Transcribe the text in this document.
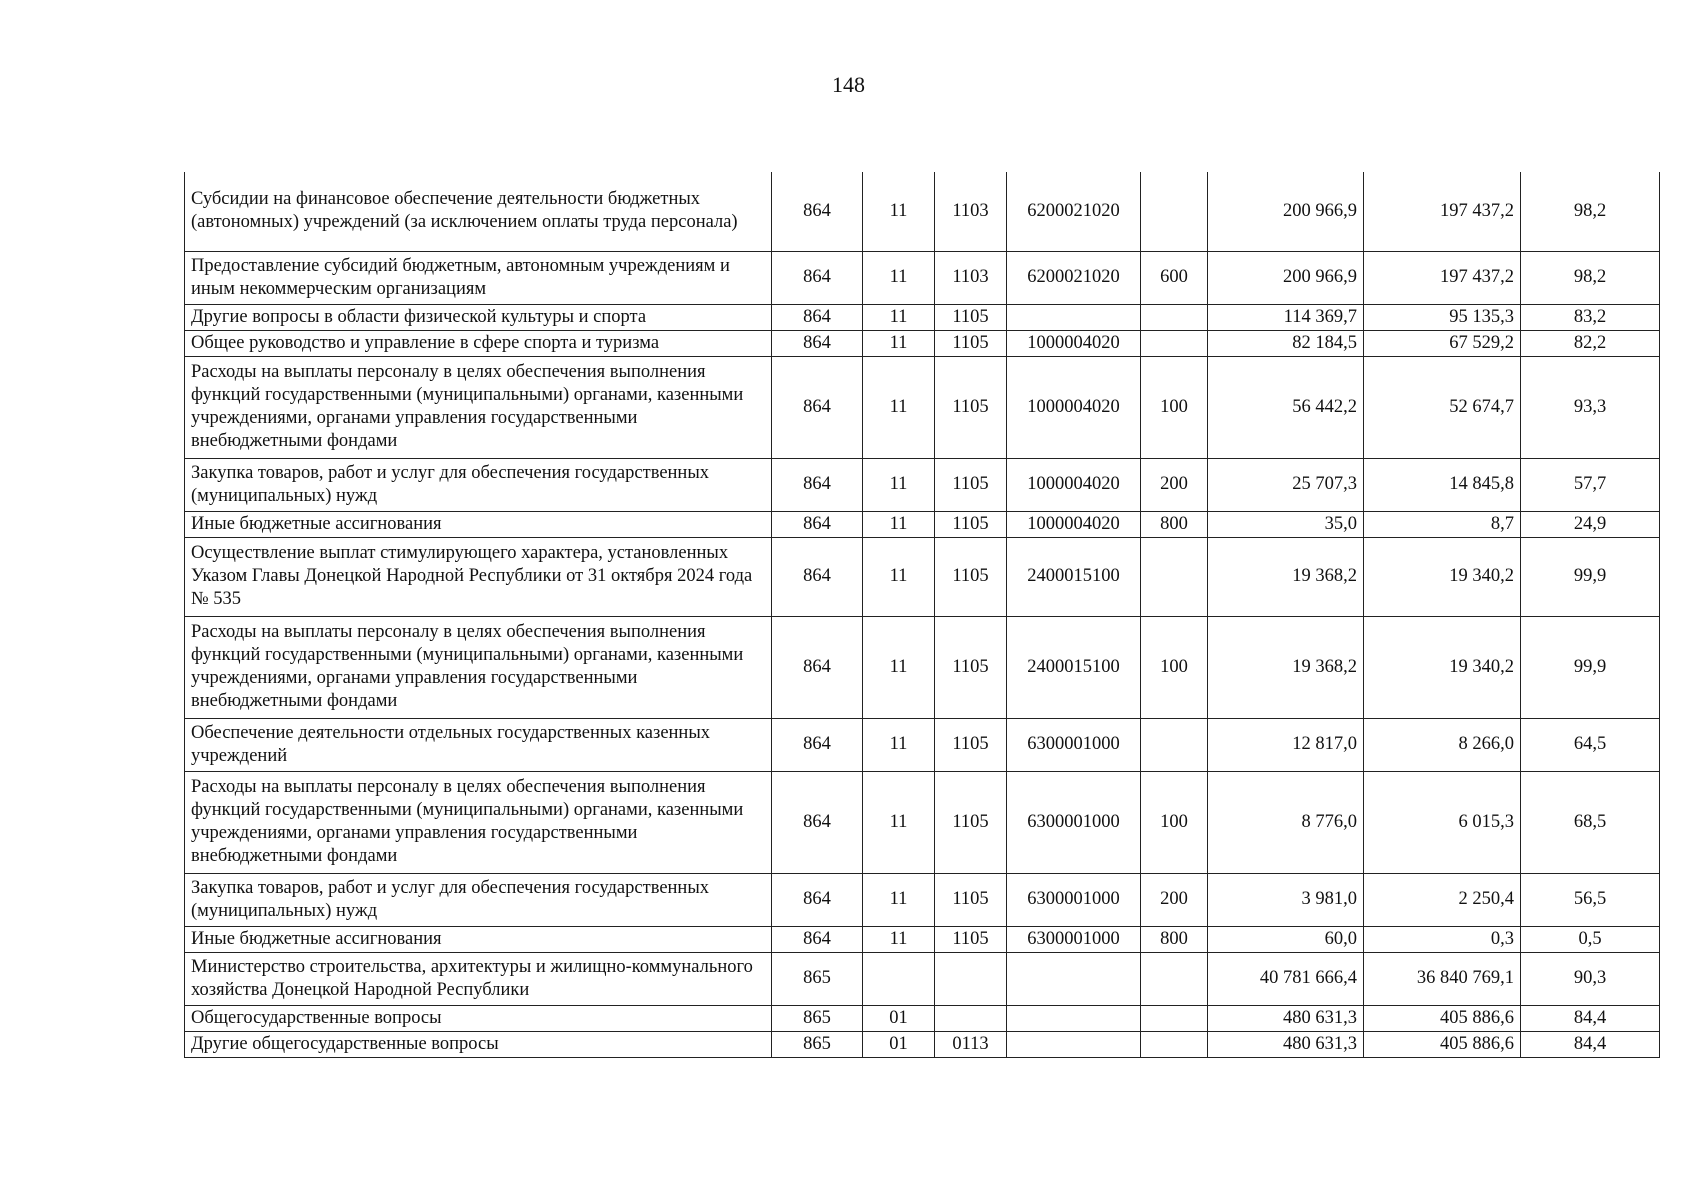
148
Субсидии на финансовое обеспечение деятельности бюджетных (автономных) учреждений (за исключением оплаты труда персонала)	864	11	1103	6200021020		200 966,9	197 437,2	98,2
Предоставление субсидий бюджетным, автономным учреждениям и иным некоммерческим организациям	864	11	1103	6200021020	600	200 966,9	197 437,2	98,2
Другие вопросы в области физической культуры и спорта	864	11	1105			114 369,7	95 135,3	83,2
Общее руководство и управление в сфере спорта и туризма	864	11	1105	1000004020		82 184,5	67 529,2	82,2
Расходы на выплаты персоналу в целях обеспечения выполнения функций государственными (муниципальными) органами, казенными учреждениями, органами управления государственными внебюджетными фондами	864	11	1105	1000004020	100	56 442,2	52 674,7	93,3
Закупка товаров, работ и услуг для обеспечения государственных (муниципальных) нужд	864	11	1105	1000004020	200	25 707,3	14 845,8	57,7
Иные бюджетные ассигнования	864	11	1105	1000004020	800	35,0	8,7	24,9
Осуществление выплат стимулирующего характера, установленных Указом Главы Донецкой Народной Республики от 31 октября 2024 года № 535	864	11	1105	2400015100		19 368,2	19 340,2	99,9
Расходы на выплаты персоналу в целях обеспечения выполнения функций государственными (муниципальными) органами, казенными учреждениями, органами управления государственными внебюджетными фондами	864	11	1105	2400015100	100	19 368,2	19 340,2	99,9
Обеспечение деятельности отдельных государственных казенных учреждений	864	11	1105	6300001000		12 817,0	8 266,0	64,5
Расходы на выплаты персоналу в целях обеспечения выполнения функций государственными (муниципальными) органами, казенными учреждениями, органами управления государственными внебюджетными фондами	864	11	1105	6300001000	100	8 776,0	6 015,3	68,5
Закупка товаров, работ и услуг для обеспечения государственных (муниципальных) нужд	864	11	1105	6300001000	200	3 981,0	2 250,4	56,5
Иные бюджетные ассигнования	864	11	1105	6300001000	800	60,0	0,3	0,5
Министерство строительства, архитектуры и жилищно-коммунального хозяйства Донецкой Народной Республики	865					40 781 666,4	36 840 769,1	90,3
Общегосударственные вопросы	865	01				480 631,3	405 886,6	84,4
Другие общегосударственные вопросы	865	01	0113			480 631,3	405 886,6	84,4
